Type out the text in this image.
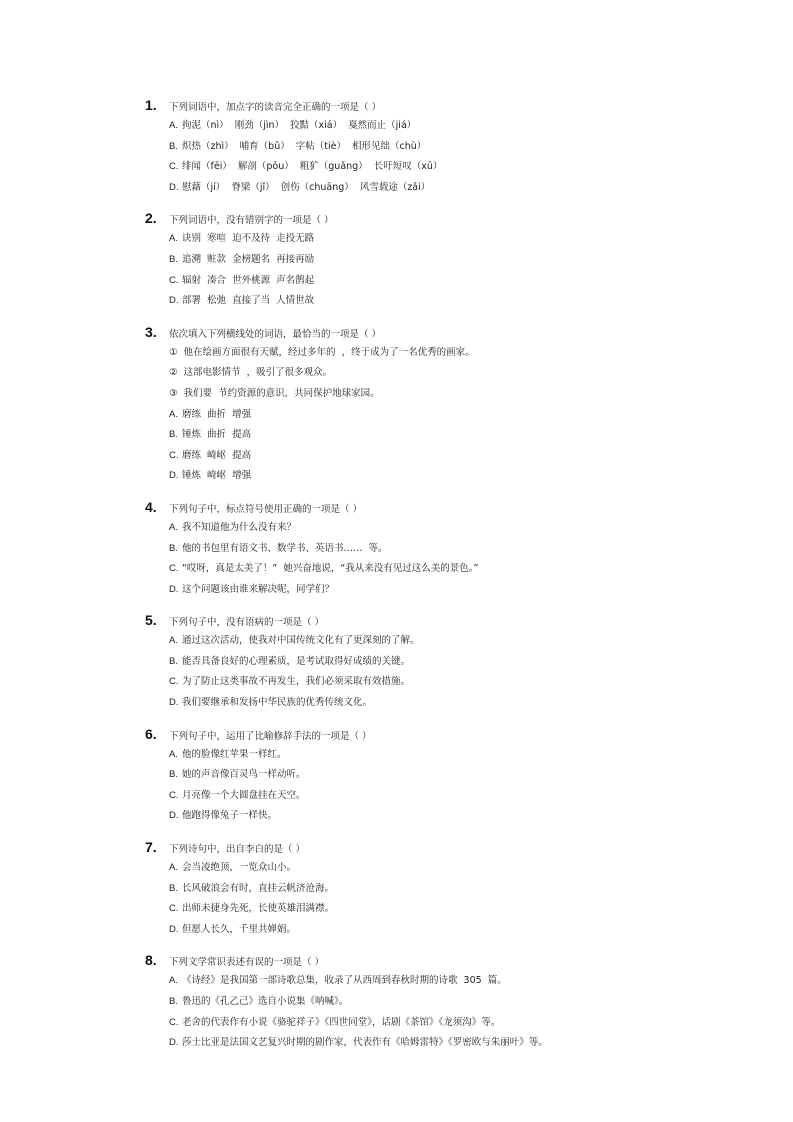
1.	下列词语中，加点字的读音完全正确的一项是（ ）
A. 拘泥（nì）  刚劲（jìn）  狡黠（xiá）  戛然而止（jiá）
B. 炽热（zhì）  哺育（bǔ）  字帖（tiè）  相形见绌（chù）
C. 绯闻（fēi）  解剖（pōu）  粗犷（guǎng）  长吁短叹（xū）
D. 慰藉（jí）  脊梁（jǐ）  创伤（chuāng）  风雪载途（zǎi）
2.	下列词语中，没有错别字的一项是（ ）
A. 诀别  寒喧  迫不及待  走投无路
B. 追溯  赃款  金榜题名  再接再励
C. 辐射  凑合  世外桃源  声名鹊起
D. 部署  松弛  直接了当  人情世故
3.	依次填入下列横线处的词语，最恰当的一项是（ ）
①  他在绘画方面很有天赋，经过多年的  ，终于成为了一名优秀的画家。
②  这部电影情节  ，吸引了很多观众。
③  我们要  节约资源的意识，共同保护地球家园。
A. 磨练  曲折  增强
B. 锤炼  曲折  提高
C. 磨练  崎岖  提高
D. 锤炼  崎岖  增强
4.	下列句子中，标点符号使用正确的一项是（ ）
A. 我不知道他为什么没有来？
B. 他的书包里有语文书、数学书、英语书……  等。
C. “哎呀，真是太美了！”  她兴奋地说，“我从来没有见过这么美的景色。”
D. 这个问题该由谁来解决呢，同学们？
5.	下列句子中，没有语病的一项是（ ）
A. 通过这次活动，使我对中国传统文化有了更深刻的了解。
B. 能否具备良好的心理素质，是考试取得好成绩的关键。
C. 为了防止这类事故不再发生，我们必须采取有效措施。
D. 我们要继承和发扬中华民族的优秀传统文化。
6.	下列句子中，运用了比喻修辞手法的一项是（ ）
A. 他的脸像红苹果一样红。
B. 她的声音像百灵鸟一样动听。
C. 月亮像一个大圆盘挂在天空。
D. 他跑得像兔子一样快。
7.	下列诗句中，出自李白的是（ ）
A. 会当凌绝顶，一览众山小。
B. 长风破浪会有时，直挂云帆济沧海。
C. 出师未捷身先死，长使英雄泪满襟。
D. 但愿人长久，千里共婵娟。
8.	下列文学常识表述有误的一项是（ ）
A. 《诗经》是我国第一部诗歌总集，收录了从西周到春秋时期的诗歌  305  篇。
B. 鲁迅的《孔乙己》选自小说集《呐喊》。
C. 老舍的代表作有小说《骆驼祥子》《四世同堂》，话剧《茶馆》《龙须沟》等。
D. 莎士比亚是法国文艺复兴时期的剧作家，代表作有《哈姆雷特》《罗密欧与朱丽叶》等。
